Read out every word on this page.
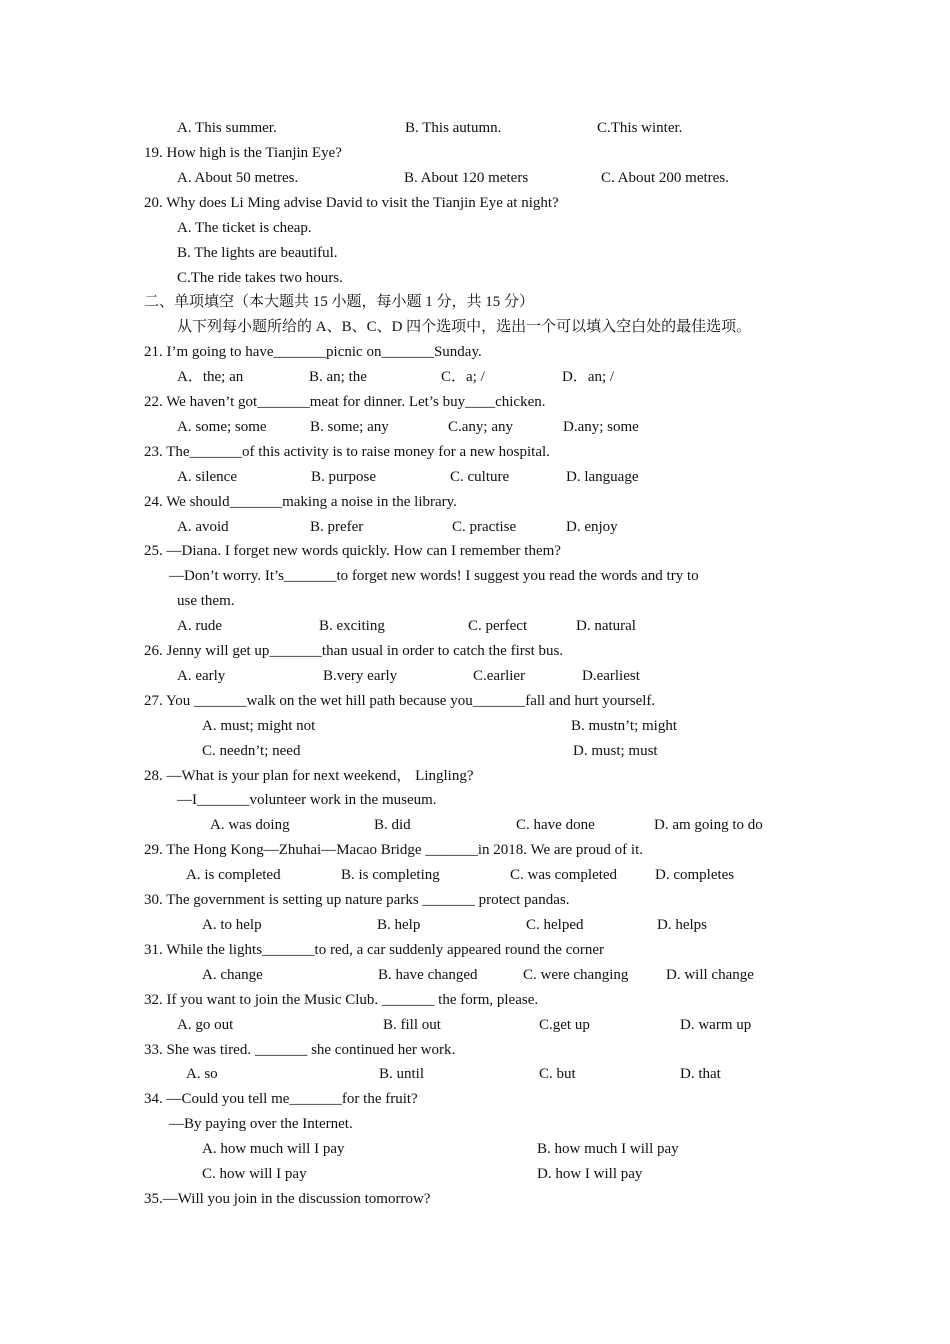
A. This summer.	B. This autumn.	C.This winter.
19. How high is the Tianjin Eye?
A. About 50 metres.	B. About 120 meters	C. About 200 metres.
20. Why does Li Ming advise David to visit the Tianjin Eye at night?
A. The ticket is cheap.
B. The lights are beautiful.
C.The ride takes two hours.
二、单项填空（本大题共 15 小题，每小题 1 分，共 15 分）
从下列每小题所给的 A、B、C、D 四个选项中，选出一个可以填入空白处的最佳选项。
21. I’m going to have_______picnic on_______Sunday.
A．the; an	B. an; the	C．a; /	D．an; /
22. We haven’t got_______meat for dinner. Let’s buy____chicken.
A. some; some	B. some; any	C.any; any	D.any; some
23. The_______of this activity is to raise money for a new hospital.
A. silence	B. purpose	C. culture	D. language
24. We should_______making a noise in the library.
A. avoid	B. prefer	C. practise	D. enjoy
25. —Diana. I forget new words quickly. How can I remember them?
—Don’t worry. It’s_______to forget new words! I suggest you read the words and try to
use them.
A. rude	B. exciting	C. perfect	D. natural
26. Jenny will get up_______than usual in order to catch the first bus.
A. early	B.very early	C.earlier	D.earliest
27. You _______walk on the wet hill path because you_______fall and hurt yourself.
A. must; might not	B. mustn’t; might
C. needn’t; need	D. must; must
28. —What is your plan for next weekend， Lingling?
—I_______volunteer work in the museum.
A. was doing	B. did	C. have done	D. am going to do
29. The Hong Kong—Zhuhai—Macao Bridge _______in 2018. We are proud of it.
A. is completed	B. is completing	C. was completed	D. completes
30. The government is setting up nature parks _______ protect pandas.
A. to help	B. help	C. helped	D. helps
31. While the lights_______to red, a car suddenly appeared round the corner
A. change	B. have changed	C. were changing	D. will change
32. If you want to join the Music Club. _______ the form, please.
A. go out	B. fill out	C.get up	D. warm up
33. She was tired. _______ she continued her work.
A. so	B. until	C. but	D. that
34. —Could you tell me_______for the fruit?
—By paying over the Internet.
A. how much will I pay	B. how much I will pay
C. how will I pay	D. how I will pay
35.—Will you join in the discussion tomorrow?
